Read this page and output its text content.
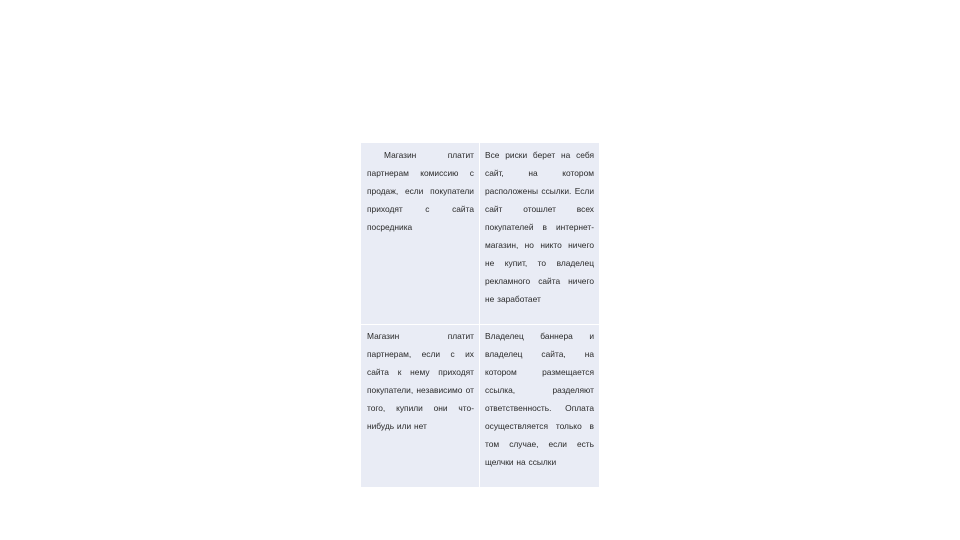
Магазин платит партнерам комиссию с продаж, если покупатели приходят с сайта посредника

Все риски берет на себя сайт, на котором расположены ссылки. Если сайт отошлет всех покупателей в интернет-магазин, но никто ничего не купит, то владелец рекламного сайта ничего не заработает

Магазин платит партнерам, если с их сайта к нему приходят покупатели, независимо от того, купили они что-нибудь или нет

Владелец баннера и владелец сайта, на котором размещается ссылка, разделяют ответственность. Оплата осуществляется только в том случае, если есть щелчки на ссылки
